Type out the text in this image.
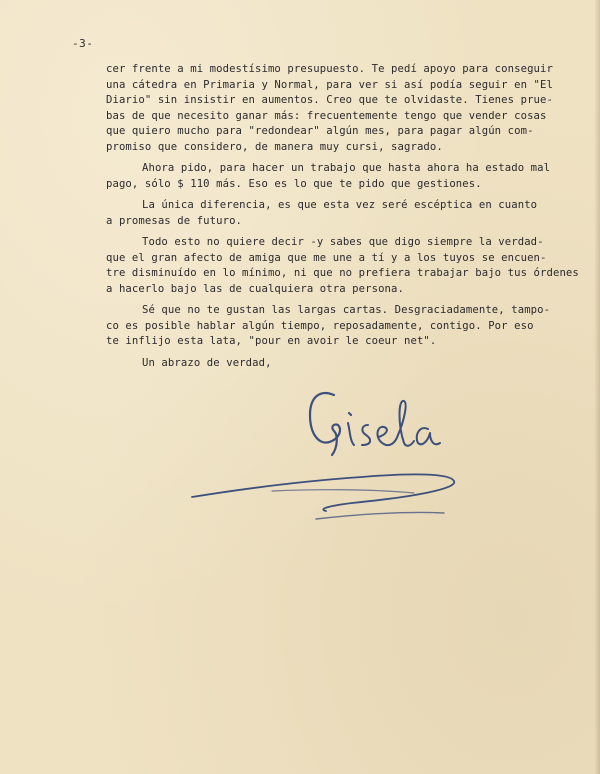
-3-
cer frente a mi modestísimo presupuesto. Te pedí apoyo para conseguir
una cátedra en Primaria y Normal, para ver si así podía seguir en "El
Diario" sin insistir en aumentos. Creo que te olvidaste. Tienes prue-
bas de que necesito ganar más: frecuentemente tengo que vender cosas
que quiero mucho para "redondear" algún mes, para pagar algún com-
promiso que considero, de manera muy cursi, sagrado.
Ahora pido, para hacer un trabajo que hasta ahora ha estado mal
pago, sólo $ 110 más. Eso es lo que te pido que gestiones.
La única diferencia, es que esta vez seré escéptica en cuanto
a promesas de futuro.
Todo esto no quiere decir -y sabes que digo siempre la verdad-
que el gran afecto de amiga que me une a tí y a los tuyos se encuen-
tre disminuído en lo mínimo, ni que no prefiera trabajar bajo tus órdenes
a hacerlo bajo las de cualquiera otra persona.
Sé que no te gustan las largas cartas. Desgraciadamente, tampo-
co es posible hablar algún tiempo, reposadamente, contigo. Por eso
te inflijo esta lata, "pour en avoir le coeur net".
Un abrazo de verdad,
